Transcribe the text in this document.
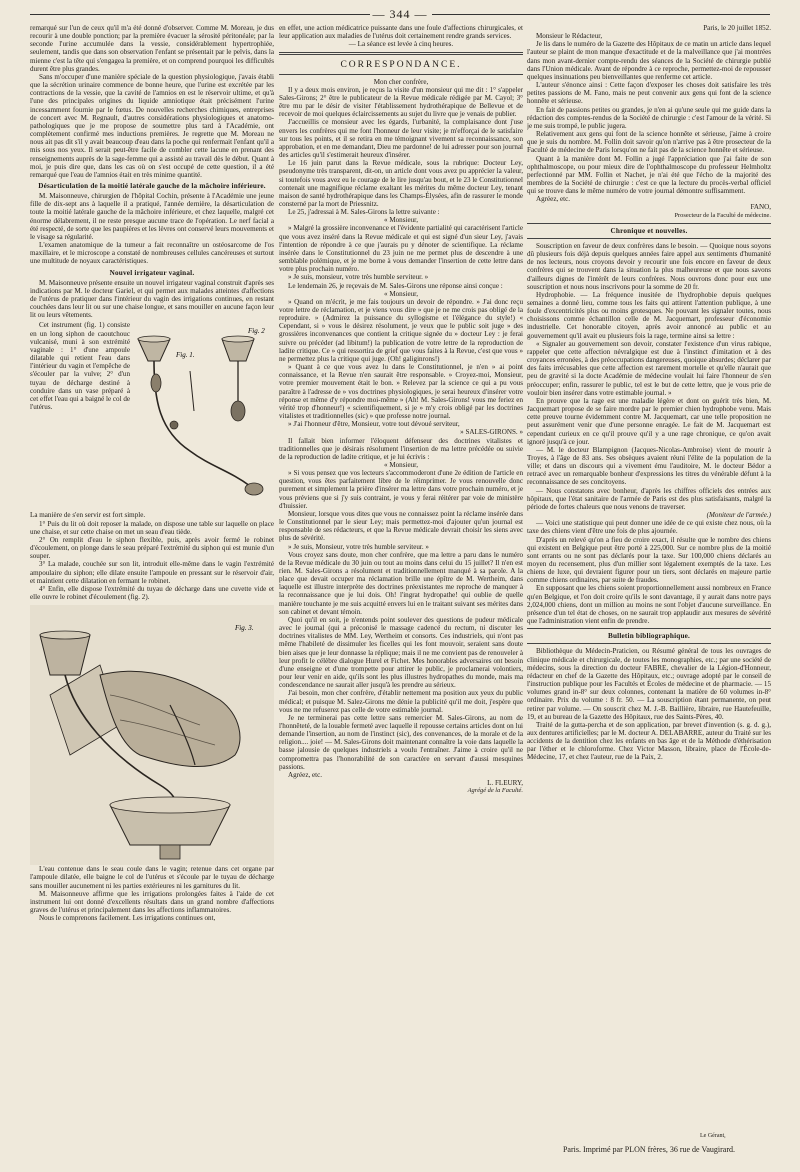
— 344 —

remarqué sur l'un de ceux qu'il m'a été donné d'observer. Comme M. Moreau, je dus recourir à une double ponction; par la première évacuer la sérosité péritonéale; par la seconde l'urine accumulée dans la vessie, considérablement hypertrophiée, seulement, tandis que dans son observation l'enfant se présentait par le pelvis, dans la mienne c'est la tête qui s'engagea la première, et on comprend pourquoi les difficultés durent être plus grandes.

Sans m'occuper d'une manière spéciale de la question physiologique, j'avais établi que la sécrétion urinaire commence de bonne heure, que l'urine est excrétée par les contractions de la vessie, que la cavité de l'amnios en est le réservoir ultime, et qu'à l'une des principales origines du liquide amniotique était précisément l'urine incessamment fournie par le fœtus. De nouvelles recherches chimiques, entreprises de concert avec M. Regnault, d'autres considérations physiologiques et anatomo-pathologiques que je me propose de soumettre plus tard à l'Académie, ont complètement confirmé mes inductions premières. Je regrette que M. Moreau ne nous ait pas dit s'il y avait beaucoup d'eau dans la poche qui renfermait l'enfant qu'il a mis sous nos yeux. Il serait peut-être facile de combler cette lacune en prenant des renseignements auprès de la sage-femme qui a assisté au travail dès le début. Quant à moi, je puis dire que, dans les cas où on s'est occupé de cette question, il a été remarqué que l'eau de l'amnios était en très minime quantité.

Désarticulation de la moitié latérale gauche de la mâchoire inférieure.

M. Maisonneuve, chirurgien de l'hôpital Cochin, présente à l'Académie une jeune fille de dix-sept ans à laquelle il a pratiqué, l'année dernière, la désarticulation de toute la moitié latérale gauche de la mâchoire inférieure, et chez laquelle, malgré cet énorme délabrement, il ne reste presque aucune trace de l'opération. Le nerf facial a été respecté, de sorte que les paupières et les lèvres ont conservé leurs mouvements et le visage sa régularité.

L'examen anatomique de la tumeur a fait reconnaître un ostéosarcome de l'os maxillaire, et le microscope a constaté de nombreuses cellules cancéreuses et surtout une multitude de noyaux caractéristiques.

Nouvel irrigateur vaginal.

M. Maisonneuve présente ensuite un nouvel irrigateur vaginal construit d'après ses indications par M. le docteur Gariel, et qui permet aux malades atteintes d'affections de l'utérus de pratiquer dans l'intérieur du vagin des irrigations continues, en restant couchées dans leur lit ou sur une chaise longue, et sans mouiller en aucune façon leur lit ou leurs vêtements.

Cet instrument (fig. 1) consiste en un long siphon de caoutchouc vulcanisé, muni à son extrémité vaginale : 1° d'une ampoule dilatable qui retient l'eau dans l'intérieur du vagin et l'empêche de s'écouler par la vulve; 2° d'un tuyau de décharge destiné à conduire dans un vase préparé à cet effet l'eau qui a baigné le col de l'utérus.

Fig. 1.
Fig. 2

La manière de s'en servir est fort simple.

1° Puis du lit où doit reposer la malade, on dispose une table sur laquelle on place une chaise, et sur cette chaise on met un seau d'eau tiède.

2° On remplit d'eau le siphon flexible, puis, après avoir fermé le robinet d'écoulement, on plonge dans le seau préparé l'extrémité du siphon qui est munie d'un souper.

3° La malade, couchée sur son lit, introduit elle-même dans le vagin l'extrémité ampoulaire du siphon; elle dilate ensuite l'ampoule en pressant sur le réservoir d'air, et maintient cette dilatation en fermant le robinet.

4° Enfin, elle dispose l'extrémité du tuyau de décharge dans une cuvette vide et elle ouvre le robinet d'écoulement (fig. 2).

Fig. 3.

L'eau contenue dans le seau coule dans le vagin; retenue dans cet organe par l'ampoule dilatée, elle baigne le col de l'utérus et s'écoule par le tuyau de décharge sans mouiller aucunement ni les parties extérieures ni les garnitures du lit.

M. Maisonneuve affirme que les irrigations prolongées faites à l'aide de cet instrument lui ont donné d'excellents résultats dans un grand nombre d'affections graves de l'utérus et principalement dans les affections inflammatoires.

Nous le comprenons facilement. Les irrigations continues ont,

en effet, une action médicatrice puissante dans une foule d'affections chirurgicales, et leur application aux maladies de l'utérus doit certainement rendre grands services.

— La séance est levée à cinq heures.

CORRESPONDANCE.

Mon cher confrère,

Il y a deux mois environ, je reçus la visite d'un monsieur qui me dit : 1° s'appeler Sales-Girons; 2° être le publicateur de la Revue médicale rédigée par M. Cayol; 3° être mu par le désir de visiter l'établissement hydrothérapique de Bellevue et de recevoir de moi quelques éclaircissements au sujet du livre que je venais de publier.

J'accueillis ce monsieur avec les égards, l'urbanité, la complaisance dont j'use envers les confrères qui me font l'honneur de leur visite; je m'efforçai de le satisfaire sur tous les points, et il se retira en me témoignant vivement sa reconnaissance, son approbation, et en me demandant, Dieu me pardonne! de lui adresser pour son journal des articles qu'il s'estimerait heureux d'insérer.

Le 16 juin parut dans la Revue médicale, sous la rubrique: Docteur Ley, pseudonyme très transparent, dit-on, un article dont vous avez pu apprécier la valeur, si toutefois vous avez eu le courage de le lire jusqu'au bout, et le 23 le Constitutionnel contenait une magnifique réclame exaltant les mérites du même docteur Ley, tenant maison de santé hydrothérapique dans les Champs-Élysées, afin de rassurer le monde consterné par la mort de Priessnitz.

Le 25, j'adressai à M. Sales-Girons la lettre suivante :

« Monsieur,

» Malgré la grossière inconvenance et l'évidente partialité qui caractérisent l'article que vous avez inséré dans la Revue médicale et qui est signé d'un sieur Ley, j'avais l'intention de répondre à ce que j'aurais pu y dénoter de scientifique. La réclame insérée dans le Constitutionnel du 23 juin ne me permet plus de descendre à une semblable polémique, et je me borne à vous demander l'insertion de cette lettre dans votre plus prochain numéro.

» Je suis, monsieur, votre très humble serviteur. »

Le lendemain 26, je reçevais de M. Sales-Girons une réponse ainsi conçue :

« Monsieur,

» Quand on m'écrit, je me fais toujours un devoir de répondre. » J'ai donc reçu votre lettre de réclamation, et je viens vous dire » que je ne me crois pas obligé de la reproduire. » (Admirez la puissance du syllogisme et l'élégance du style!) « Cependant, si » vous le désirez résolument, je veux que le public soit juge » des grossières inconvenances que contient la critique signée du » docteur Ley : je ferai suivre ou précéder (ad libitum!) la publication de votre lettre de la reproduction de ladite critique. Ce » qui ressortira de grief que vous faites à la Revue, c'est que vous » ne permettez plus la critique qui juge. (Oh! galiginrons!)

» Quant à ce que vous avez lu dans le Constitutionnel, je n'en » ai point connaissance, et la Revue n'en saurait être responsable. » Croyez-moi, Monsieur, votre premier mouvement était le bon. » Relevez par la science ce qui a pu vous paraître à l'adresse de » vos doctrines physiologiques, je serai heureux d'insérer votre réponse et même d'y répondre moi-même » (Ah! M. Sales-Girons! vous me feriez en vérité trop d'honneur!) « scientifiquement, si je » m'y crois obligé par les doctrines vitalistes et traditionnelles (sic) » que professe notre journal.

» J'ai l'honneur d'être, Monsieur, votre tout dévoué serviteur,

» SALES-GIRONS. »

Il fallait bien informer l'éloquent défenseur des doctrines vitalistes et traditionnelles que je désirais résolument l'insertion de ma lettre précédée ou suivie de la reproduction de ladite critique, et je lui écrivis :

« Monsieur,

» Si vous pensez que vos lecteurs s'accommoderont d'une 2e édition de l'article en question, vous êtes parfaitement libre de le réimprimer. Je vous renouvelle donc purement et simplement la prière d'insérer ma lettre dans votre prochain numéro, et je vous préviens que si j'y suis contraint, je vous y ferai réitérer par voie de ministère d'huissier.

Monsieur, lorsque vous dites que vous ne connaissez point la réclame insérée dans le Constitutionnel par le sieur Ley; mais permettez-moi d'ajouter qu'un journal est responsable de ses rédacteurs, et que la Revue médicale devrait choisir les siens avec plus de sévérité.

» Je suis, Monsieur, votre très humble serviteur. »

Vous croyez sans doute, mon cher confrère, que ma lettre a paru dans le numéro de la Revue médicale du 30 juin ou tout au moins dans celui du 15 juillet? Il n'en est rien. M. Sales-Girons a résolument et traditionnellement manqué à sa parole. A la place que devait occuper ma réclamation brille une épître de M. Wertheim, dans laquelle est illustre interprète des doctrines préexistantes me reproche de manquer à la reconnaissance que je lui dois. Oh! l'ingrat hydropathe! qui oublie de quelle manière touchante je me suis acquitté envers lui en le traitant suivant ses mérites dans son cabinet et devant témoin.

Quoi qu'il en soit, je n'entends point soulever des questions de pudeur médicale avec le journal (qui a préconisé le massage cadencé du rectum, ni discuter les doctrines vitalistes de MM. Ley, Wertheim et consorts. Ces industriels, qui n'ont pas même l'habileté de dissimuler les ficelles qui les font mouvoir, seraient sans doute bien aises que je leur donnasse la réplique; mais il ne me convient pas de renouveler à leur profit le célèbre dialogue Hurel et Fichet. Mes honorables adversaires ont besoin d'une enseigne et d'une trompette pour attirer le public, je proclamerai volontiers, pour leur venir en aide, qu'ils sont les plus illustres hydropathes du monde, mais ma condescendance ne saurait aller jusqu'à les prendre au sérieux.

J'ai besoin, mon cher confrère, d'établir nettement ma position aux yeux du public médical; et puisque M. Salez-Girons me dénie la publicité qu'il me doit, j'espère que vous ne me refuserez pas celle de votre estimable journal.

Je ne terminerai pas cette lettre sans remercier M. Sales-Girons, au nom de l'honnêteté, de la louable fermeté avec laquelle il repousse certains articles dont on lui demande l'insertion, au nom de l'instinct (sic), des convenances, de la morale et de la religion.... joie! — M. Sales-Girons doit maintenant connaître la voie dans laquelle la basse jalousie de quelques industriels a voulu l'entraîner. J'aime à croire qu'il ne compromettra pas l'honorabilité de son caractère en servant d'aussi mesquines passions.

Agréez, etc.

L. FLEURY,

Agrégé de la Faculté.

Paris, le 20 juillet 1852.

Monsieur le Rédacteur,

Je lis dans le numéro de la Gazette des Hôpitaux de ce matin un article dans lequel l'auteur se plaint de mon manque d'exactitude et de la malveillance que j'ai montrées dans mon avant-dernier compte-rendu des séances de la Société de chirurgie publié dans l'Union médicale. Avant de répondre à ce reproche, permettez-moi de repousser quelques insinuations peu bienveillantes que renferme cet article.

L'auteur s'énonce ainsi : Cette façon d'exposer les choses doit satisfaire les très petites passions de M. Fano, mais ne peut convenir aux gens qui font de la science honnête et sérieuse.

En fait de passions petites ou grandes, je n'en ai qu'une seule qui me guide dans la rédaction des comptes-rendus de la Société de chirurgie : c'est l'amour de la vérité. Si je me suis trompé, le public jugera.

Relativement aux gens qui font de la science honnête et sérieuse, j'aime à croire que je suis du nombre. M. Follin doit savoir qu'on n'arrive pas à être prosecteur de la Faculté de médecine de Paris lorsqu'on ne fait pas de la science honnête et sérieuse.

Quant à la manière dont M. Follin a jugé l'appréciation que j'ai faite de son ophthalmoscope, ou pour mieux dire de l'ophthalmoscope du professeur Helmholtz perfectionné par MM. Follin et Nachet, je n'ai été que l'écho de la majorité des membres de la Société de chirurgie : c'est ce que la lecture du procès-verbal officiel qui se trouve dans le même numéro de votre journal démontre suffisamment.

Agréez, etc.

FANO,

Prosecteur de la Faculté de médecine.

Chronique et nouvelles.

Souscription en faveur de deux confrères dans le besoin. — Quoique nous soyons dû plusieurs fois déjà depuis quelques années faire appel aux sentiments d'humanité de nos lecteurs, nous croyons devoir y recourir une fois encore en faveur de deux confrères qui se trouvent dans la situation la plus malheureuse et que nous savons d'ailleurs dignes de l'intérêt de leurs confrères. Nous ouvrons donc pour eux une souscription et nous nous inscrivons pour la somme de 20 fr.

Hydrophobie. — La fréquence inusitée de l'hydrophobie depuis quelques semaines a donné lieu, comme tous les faits qui attirent l'attention publique, à une foule d'excentricités plus ou moins grotesques. Ne pouvant les signaler toutes, nous choisissons comme échantillon celle de M. Jacquemart, professeur d'économie industrielle. Cet honorable citoyen, après avoir annoncé au public et au gouvernement qu'il avait eu plusieurs fois la rage, termine ainsi sa lettre :

« Signaler au gouvernement son devoir, constater l'existence d'un virus rabique, rappeler que cette affection névralgique est due à l'instinct d'imitation et à des croyances erronées, à des préoccupations dangereuses, quoique absurdes; déclarer par des faits irrécusables que cette affection est rarement mortelle et qu'elle n'aurait que peu de gravité si la docte Académie de médecine voulait lui faire l'honneur de s'en préoccuper; enfin, rassurer le public, tel est le but de cette lettre, que je vous prie de vouloir bien insérer dans votre estimable journal. »

En prouve que la rage est une maladie légère et dont on guérit très bien, M. Jacquemart propose de se faire mordre par le premier chien hydrophobe venu. Mais cette preuve tourne évidemment contre M. Jacquemart, car une telle proposition ne peut assurément venir que d'une personne enragée. Le fait de M. Jacquemart est cependant curieux en ce qu'il prouve qu'il y a une rage chronique, ce qu'on avait ignoré jusqu'à ce jour.

— M. le docteur Blampignon (Jacques-Nicolas-Ambroise) vient de mourir à Troyes, à l'âge de 83 ans. Ses obsèques avaient réuni l'élite de la population de la ville; et dans un discours qui a vivement ému l'auditoire, M. le docteur Bédor a retracé avec un remarquable bonheur d'expressions les titres du vénérable défunt à la reconnaissance de ses concitoyens.

— Nous constatons avec bonheur, d'après les chiffres officiels des entrées aux hôpitaux, que l'état sanitaire de l'armée de Paris est des plus satisfaisants, malgré la période de fortes chaleurs que nous venons de traverser.

(Moniteur de l'armée.)

— Voici une statistique qui peut donner une idée de ce qui existe chez nous, où la taxe des chiens vient d'être une fois de plus ajournée.

D'après un relevé qu'on a fieu de croire exact, il résulte que le nombre des chiens qui existent en Belgique peut être porté à 225,000. Sur ce nombre plus de la moitié sont errants ou ne sont pas déclarés pour la taxe. Sur 100,000 chiens déclarés au moyen du recensement, plus d'un millier sont légalement exemptés de la taxe. Les chiens de luxe, qui devraient figurer pour un tiers, sont déclarés en majeure partie comme chiens ordinaires, par suite de fraudes.

En supposant que les chiens soient proportionnellement aussi nombreux en France qu'en Belgique, et l'on doit croire qu'ils le sont davantage, il y aurait dans notre pays 2,024,000 chiens, dont un million au moins ne sont l'objet d'aucune surveillance. En présence d'un tel état de choses, on ne saurait trop applaudir aux mesures de sévérité que l'administration vient enfin de prendre.

Bulletin bibliographique.

Bibliothèque du Médecin-Praticien, ou Résumé général de tous les ouvrages de clinique médicale et chirurgicale, de toutes les monographies, etc.; par une société de médecins, sous la direction du docteur FABRE, chevalier de la Légion-d'Honneur, rédacteur en chef de la Gazette des Hôpitaux, etc.; ouvrage adopté par le conseil de l'instruction publique pour les Facultés et Écoles de médecine et de pharmacie. — 15 volumes grand in-8° sur deux colonnes, contenant la matière de 60 volumes in-8° ordinaire. Prix du volume : 8 fr. 50. — La souscription étant permanente, on peut retirer par volume. — On souscrit chez M. J.-B. Baillière, libraire, rue Hautefeuille, 19, et au bureau de la Gazette des Hôpitaux, rue des Saints-Pères, 40.

Traité de la gutta-percha et de son application, par brevet d'invention (s. g. d. g.), aux dentures artificielles; par le M. docteur A. DELABARRE, auteur du Traité sur les accidents de la dentition chez les enfants en bas âge et de la Méthode d'éthérisation par l'éther et le chloroforme. Chez Victor Masson, libraire, place de l'École-de-Médecine, 17, et chez l'auteur, rue de la Paix, 2.

Le Gérant,
Paris. Imprimé par PLON frères, 36 rue de Vaugirard.
